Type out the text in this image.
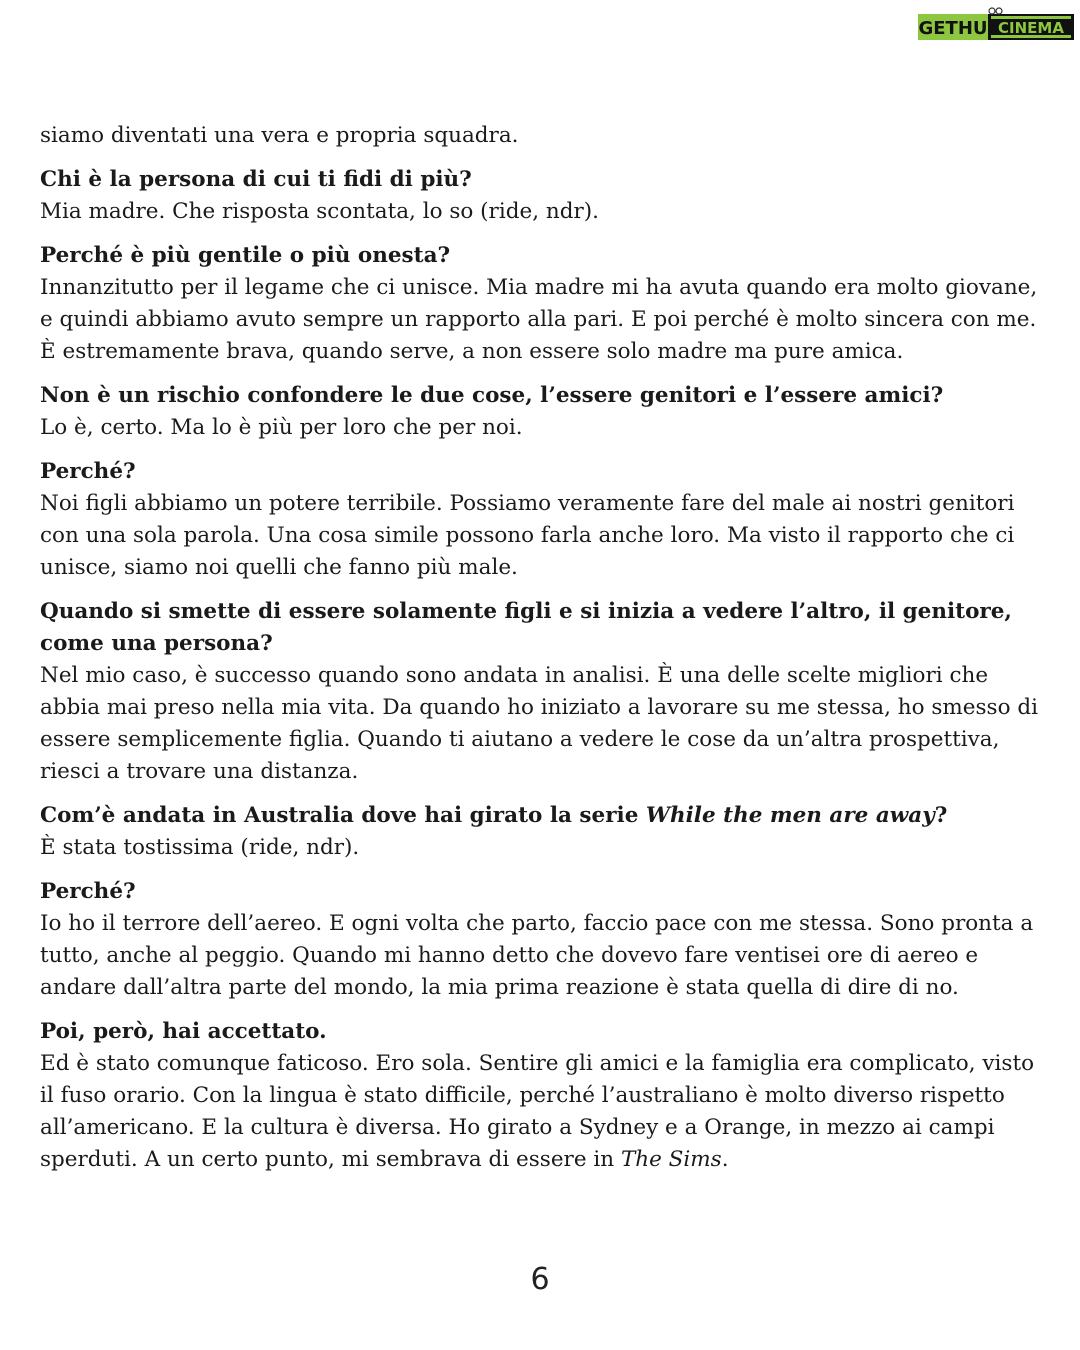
GETHU CINEMA

siamo diventati una vera e propria squadra.

Chi è la persona di cui ti fidi di più?

Mia madre. Che risposta scontata, lo so (ride, ndr).

Perché è più gentile o più onesta?

Innanzitutto per il legame che ci unisce. Mia madre mi ha avuta quando era molto giovane, e quindi abbiamo avuto sempre un rapporto alla pari. E poi perché è molto sincera con me. È estremamente brava, quando serve, a non essere solo madre ma pure amica.

Non è un rischio confondere le due cose, l’essere genitori e l’essere amici?

Lo è, certo. Ma lo è più per loro che per noi.

Perché?

Noi figli abbiamo un potere terribile. Possiamo veramente fare del male ai nostri genitori con una sola parola. Una cosa simile possono farla anche loro. Ma visto il rapporto che ci unisce, siamo noi quelli che fanno più male.

Quando si smette di essere solamente figli e si inizia a vedere l’altro, il genitore, come una persona?

Nel mio caso, è successo quando sono andata in analisi. È una delle scelte migliori che abbia mai preso nella mia vita. Da quando ho iniziato a lavorare su me stessa, ho smesso di essere semplicemente figlia. Quando ti aiutano a vedere le cose da un’altra prospettiva, riesci a trovare una distanza.

Com’è andata in Australia dove hai girato la serie While the men are away?

È stata tostissima (ride, ndr).

Perché?

Io ho il terrore dell’aereo. E ogni volta che parto, faccio pace con me stessa. Sono pronta a tutto, anche al peggio. Quando mi hanno detto che dovevo fare ventisei ore di aereo e andare dall’altra parte del mondo, la mia prima reazione è stata quella di dire di no.

Poi, però, hai accettato.

Ed è stato comunque faticoso. Ero sola. Sentire gli amici e la famiglia era complicato, visto il fuso orario. Con la lingua è stato difficile, perché l’australiano è molto diverso rispetto all’americano. E la cultura è diversa. Ho girato a Sydney e a Orange, in mezzo ai campi sperduti. A un certo punto, mi sembrava di essere in The Sims.

6
